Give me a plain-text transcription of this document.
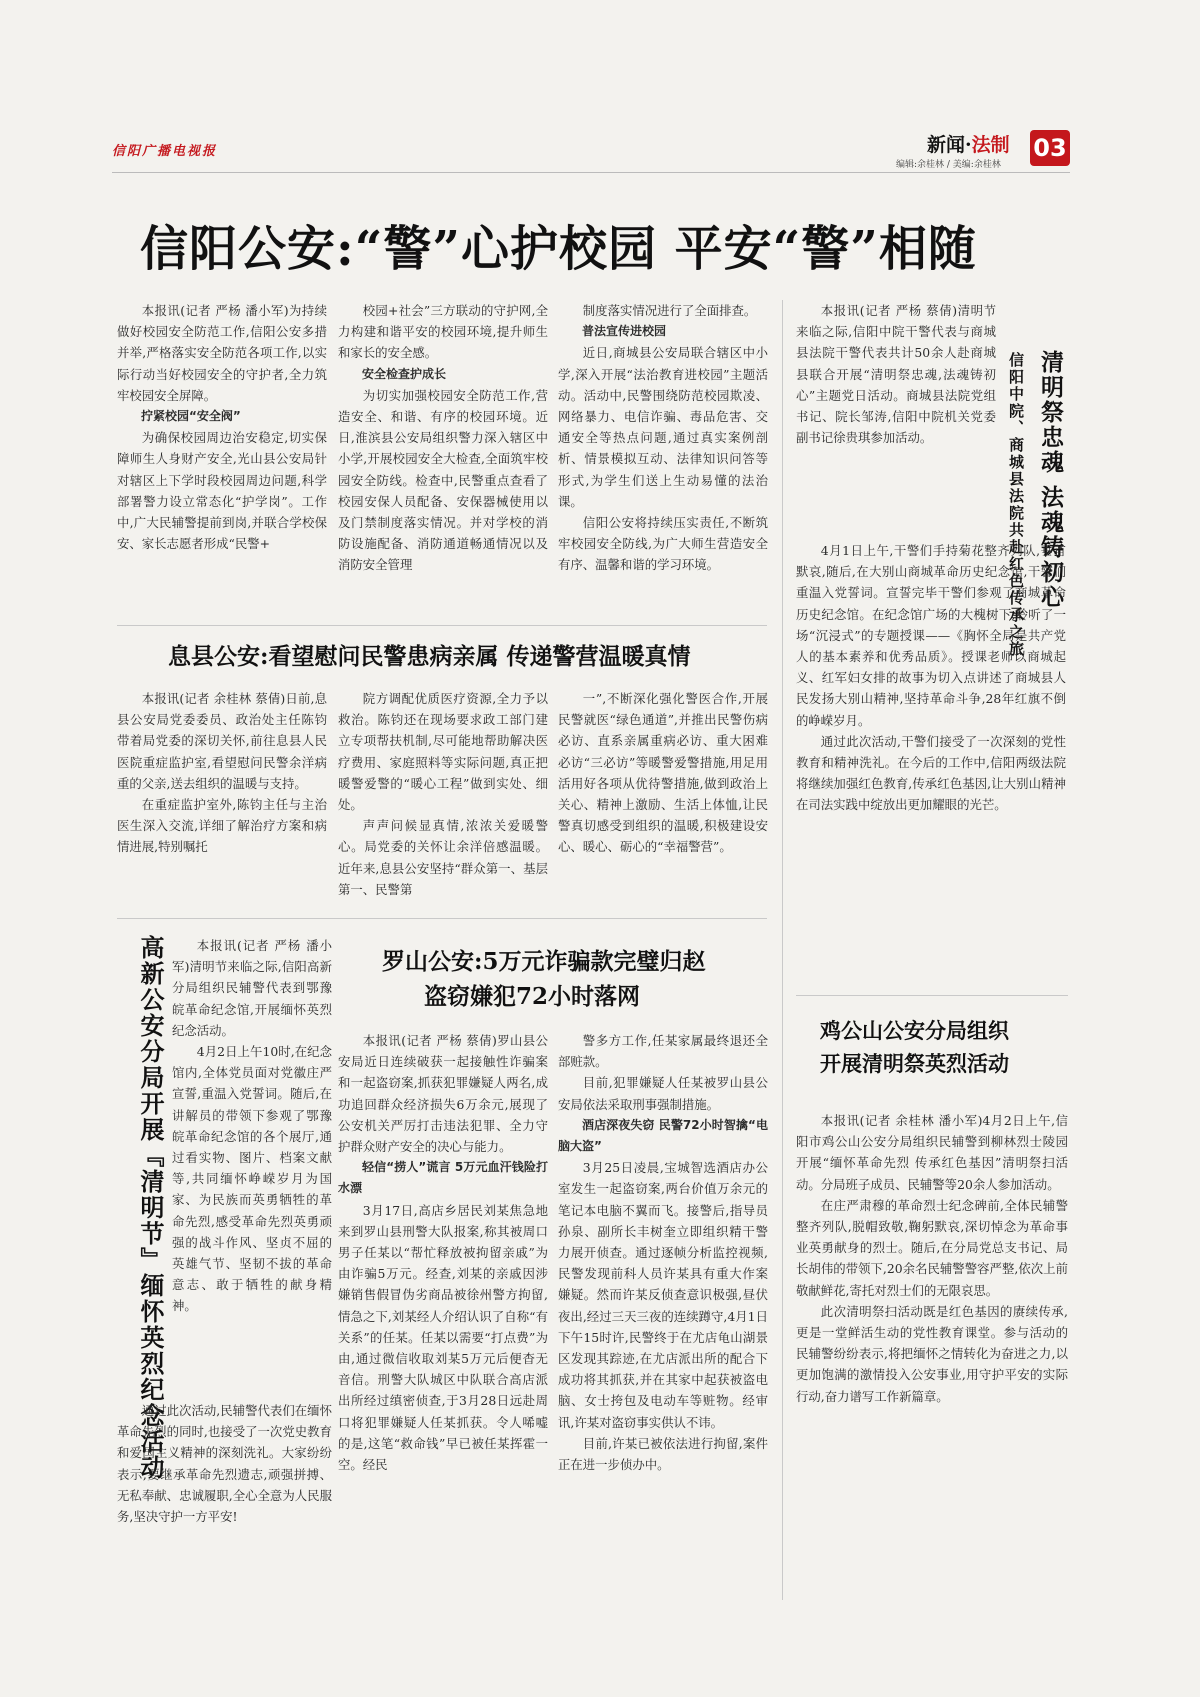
信阳广播电视报	新闻·法制
编辑:余桂林 / 美编:余桂林
03
信阳公安:“警”心护校园 平安“警”相随

本报讯(记者 严杨 潘小军)为持续做好校园安全防范工作,信阳公安多措并举,严格落实安全防范各项工作,以实际行动当好校园安全的守护者,全力筑牢校园安全屏障。

拧紧校园“安全阀”

为确保校园周边治安稳定,切实保障师生人身财产安全,光山县公安局针对辖区上下学时段校园周边问题,科学部署警力设立常态化“护学岗”。工作中,广大民辅警提前到岗,并联合学校保安、家长志愿者形成“民警+

校园+社会”三方联动的守护网,全力构建和谐平安的校园环境,提升师生和家长的安全感。

安全检查护成长

为切实加强校园安全防范工作,营造安全、和谐、有序的校园环境。近日,淮滨县公安局组织警力深入辖区中小学,开展校园安全大检查,全面筑牢校园安全防线。检查中,民警重点查看了校园安保人员配备、安保器械使用以及门禁制度落实情况。并对学校的消防设施配备、消防通道畅通情况以及消防安全管理

制度落实情况进行了全面排查。

普法宣传进校园

近日,商城县公安局联合辖区中小学,深入开展“法治教育进校园”主题活动。活动中,民警围绕防范校园欺凌、网络暴力、电信诈骗、毒品危害、交通安全等热点问题,通过真实案例剖析、情景模拟互动、法律知识问答等形式,为学生们送上生动易懂的法治课。

信阳公安将持续压实责任,不断筑牢校园安全防线,为广大师生营造安全有序、温馨和谐的学习环境。

息县公安:看望慰问民警患病亲属 传递警营温暖真情

本报讯(记者 余桂林 蔡倩)日前,息县公安局党委委员、政治处主任陈钧带着局党委的深切关怀,前往息县人民医院重症监护室,看望慰问民警余洋病重的父亲,送去组织的温暖与支持。

在重症监护室外,陈钧主任与主治医生深入交流,详细了解治疗方案和病情进展,特别嘱托

院方调配优质医疗资源,全力予以救治。陈钧还在现场要求政工部门建立专项帮扶机制,尽可能地帮助解决医疗费用、家庭照料等实际问题,真正把暖警爱警的“暖心工程”做到实处、细处。

声声问候显真情,浓浓关爱暖警心。局党委的关怀让余洋倍感温暖。近年来,息县公安坚持“群众第一、基层第一、民警第

一”,不断深化强化警医合作,开展民警就医“绿色通道”,并推出民警伤病必访、直系亲属重病必访、重大困难必访“三必访”等暖警爱警措施,用足用活用好各项从优待警措施,做到政治上关心、精神上激励、生活上体恤,让民警真切感受到组织的温暖,积极建设安心、暖心、砺心的“幸福警营”。

清明祭忠魂 法魂铸初心
信阳中院、商城县法院共赴红色传承之旅

本报讯(记者 严杨 蔡倩)清明节来临之际,信阳中院干警代表与商城县法院干警代表共计50余人赴商城县联合开展“清明祭忠魂,法魂铸初心”主题党日活动。商城县法院党组书记、院长邹涛,信阳中院机关党委副书记徐贵琪参加活动。

4月1日上午,干警们手持菊花整齐列队,垂首默哀,随后,在大别山商城革命历史纪念馆,干警们重温入党誓词。宣誓完毕干警们参观了商城革命历史纪念馆。在纪念馆广场的大槐树下,聆听了一场“沉浸式”的专题授课——《胸怀全局是共产党人的基本素养和优秀品质》。授课老师以商城起义、红军妇女排的故事为切入点讲述了商城县人民发扬大别山精神,坚持革命斗争,28年红旗不倒的峥嵘岁月。

通过此次活动,干警们接受了一次深刻的党性教育和精神洗礼。在今后的工作中,信阳两级法院将继续加强红色教育,传承红色基因,让大别山精神在司法实践中绽放出更加耀眼的光芒。

鸡公山公安分局组织
开展清明祭英烈活动

本报讯(记者 余桂林 潘小军)4月2日上午,信阳市鸡公山公安分局组织民辅警到柳林烈士陵园开展“缅怀革命先烈 传承红色基因”清明祭扫活动。分局班子成员、民辅警等20余人参加活动。

在庄严肃穆的革命烈士纪念碑前,全体民辅警整齐列队,脱帽致敬,鞠躬默哀,深切悼念为革命事业英勇献身的烈士。随后,在分局党总支书记、局长胡伟的带领下,20余名民辅警警容严整,依次上前敬献鲜花,寄托对烈士们的无限哀思。

此次清明祭扫活动既是红色基因的赓续传承,更是一堂鲜活生动的党性教育课堂。参与活动的民辅警纷纷表示,将把缅怀之情转化为奋进之力,以更加饱满的激情投入公安事业,用守护平安的实际行动,奋力谱写工作新篇章。

高新公安分局开展『清明节』缅怀英烈纪念活动	本报讯(记者 严杨 潘小军)清明节来临之际,信阳高新分局组织民辅警代表到鄂豫皖革命纪念馆,开展缅怀英烈纪念活动。

4月2日上午10时,在纪念馆内,全体党员面对党徽庄严宣誓,重温入党誓词。随后,在讲解员的带领下参观了鄂豫皖革命纪念馆的各个展厅,通过看实物、图片、档案文献等,共同缅怀峥嵘岁月为国家、为民族而英勇牺牲的革命先烈,感受革命先烈英勇顽强的战斗作风、坚贞不屈的英雄气节、坚韧不拔的革命意志、敢于牺牲的献身精神。

通过此次活动,民辅警代表们在缅怀革命先烈的同时,也接受了一次党史教育和爱国主义精神的深刻洗礼。大家纷纷表示,要继承革命先烈遗志,顽强拼搏、无私奉献、忠诚履职,全心全意为人民服务,坚决守护一方平安!

罗山公安:5万元诈骗款完璧归赵
盗窃嫌犯72小时落网

本报讯(记者 严杨 蔡倩)罗山县公安局近日连续破获一起接触性诈骗案和一起盗窃案,抓获犯罪嫌疑人两名,成功追回群众经济损失6万余元,展现了公安机关严厉打击违法犯罪、全力守护群众财产安全的决心与能力。

轻信“捞人”谎言 5万元血汗钱险打水漂

3月17日,高店乡居民刘某焦急地来到罗山县刑警大队报案,称其被周口男子任某以“帮忙释放被拘留亲戚”为由诈骗5万元。经查,刘某的亲戚因涉嫌销售假冒伪劣商品被徐州警方拘留,情急之下,刘某经人介绍认识了自称“有关系”的任某。任某以需要“打点费”为由,通过微信收取刘某5万元后便杳无音信。刑警大队城区中队联合高店派出所经过缜密侦查,于3月28日远赴周口将犯罪嫌疑人任某抓获。令人唏嘘的是,这笔“救命钱”早已被任某挥霍一空。经民

警多方工作,任某家属最终退还全部赃款。

目前,犯罪嫌疑人任某被罗山县公安局依法采取刑事强制措施。

酒店深夜失窃 民警72小时智擒“电脑大盗”

3月25日凌晨,宝城智选酒店办公室发生一起盗窃案,两台价值万余元的笔记本电脑不翼而飞。接警后,指导员孙泉、副所长丰树奎立即组织精干警力展开侦查。通过逐帧分析监控视频,民警发现前科人员许某具有重大作案嫌疑。然而许某反侦查意识极强,昼伏夜出,经过三天三夜的连续蹲守,4月1日下午15时许,民警终于在尤店龟山湖景区发现其踪迹,在尤店派出所的配合下成功将其抓获,并在其家中起获被盗电脑、女士挎包及电动车等赃物。经审讯,许某对盗窃事实供认不讳。

目前,许某已被依法进行拘留,案件正在进一步侦办中。
